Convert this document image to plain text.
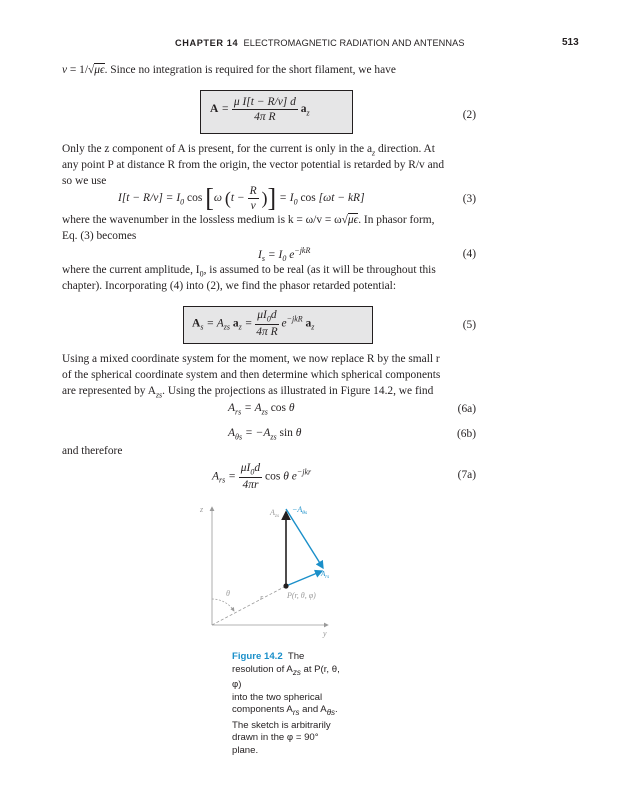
CHAPTER 14 ELECTROMAGNETIC RADIATION AND ANTENNAS	513
v = 1/√μϵ. Since no integration is required for the short filament, we have
$A = \frac{\text{μ I[t − R/v] d}}{\text{4π R}} a_z$	(2)
Only the z component of A is present, for the current is only in the $a_z$ direction. At
any point P at distance R from the origin, the vector potential is retarded by R/v and
so we use
$I[t - R/v] = I_0$ cos [ω ($t - \frac{R}{v}$ )] = $I_0$ cos [ωt − kR]	(3)
where the wavenumber in the lossless medium is k = ω/v = ω√μϵ. In phasor form,
Eq. (3) becomes
$I_s = I_0$ $e^{-jkR}$	(4)
where the current amplitude, $I_0$, is assumed to be real (as it will be throughout this
chapter). Incorporating (4) into (2), we find the phasor retarded potential:
$A_s = A_{zs}$ $a_z = \frac{\mu I_0d}{\text{4π R}} e^{-jkR}$ $a_z$	(5)
Using a mixed coordinate system for the moment, we now replace R by the small r
of the spherical coordinate system and then determine which spherical components
are represented by $A_{zs}$. Using the projections as illustrated in Figure 14.2, we find
$A_{rs} = A_{zs}$ cos θ	(6a)
$A_{\theta s} = -A_{zs}$ sin θ	(6b)
and therefore
$A_{rs} = \frac{\mu I_0d}{4\pi r}$ cos θ $e^{-jkr}$	(7a)
z
y
$A_{zs}$
$-A_{\theta s}$
$A_{rs}$
P(r, θ, φ)
θ	r
Figure 14.2 The
resolution of $A_{zs}$ at P(r, θ, φ)
into the two spherical
components $A_{rs}$ and $A_{\theta s}$.
The sketch is arbitrarily
drawn in the φ = 90° plane.
